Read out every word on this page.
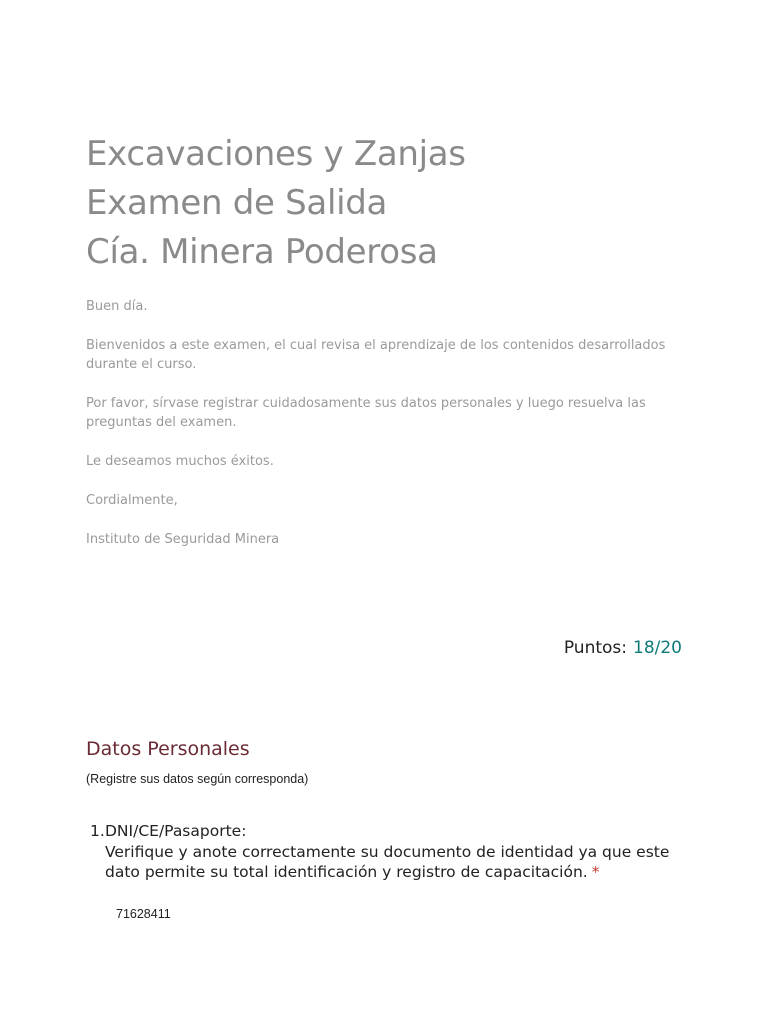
Excavaciones y Zanjas
Examen de Salida
Cía. Minera Poderosa

Buen día.

Bienvenidos a este examen, el cual revisa el aprendizaje de los contenidos desarrollados durante el curso.

Por favor, sírvase registrar cuidadosamente sus datos personales y luego resuelva las preguntas del examen.

Le deseamos muchos éxitos.

Cordialmente,

Instituto de Seguridad Minera

Puntos: 18/20
Datos Personales
(Registre sus datos según corresponda)
1. DNI/CE/Pasaporte:
Verifique y anote correctamente su documento de identidad ya que este dato permite su total identificación y registro de capacitación. *
71628411
